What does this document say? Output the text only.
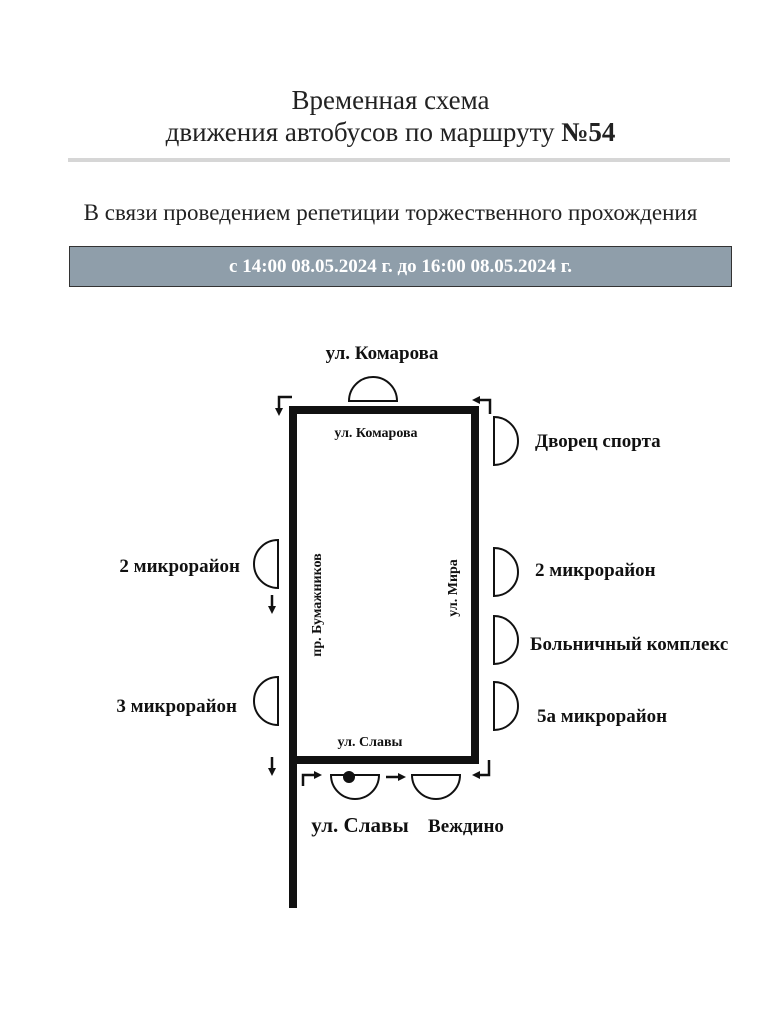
Временная схема
движения автобусов по маршруту №54
В связи проведением репетиции торжественного прохождения
с 14:00 08.05.2024 г. до 16:00 08.05.2024 г.
ул. Комарова
ул. Славы
ул. Мира
пр. Бумажников
ул. Комарова
Дворец спорта
2 микрорайон
Больничный комплекс
5а микрорайон
2 микрорайон
3 микрорайон
ул. Славы Веждино
